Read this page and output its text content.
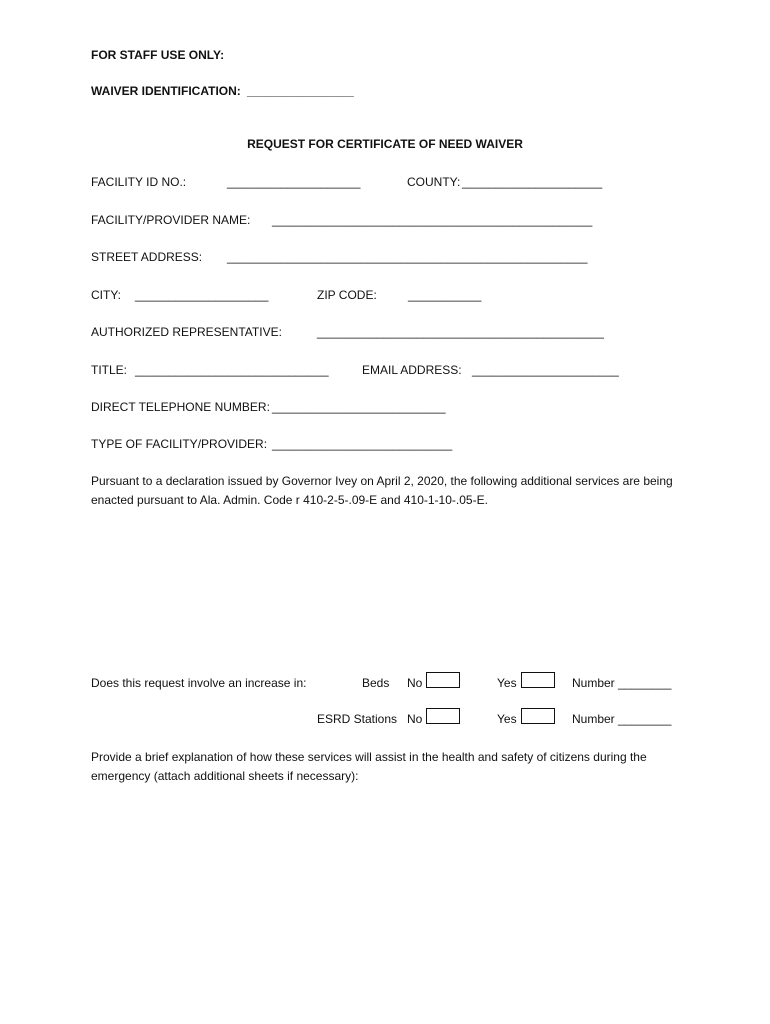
FOR STAFF USE ONLY:
WAIVER IDENTIFICATION: ________________
REQUEST FOR CERTIFICATE OF NEED WAIVER
FACILITY ID NO.:	____________________	COUNTY: _____________________
FACILITY/PROVIDER NAME: ________________________________________________
STREET ADDRESS: ______________________________________________________
CITY: ____________________	ZIP CODE:	___________
AUTHORIZED REPRESENTATIVE:	___________________________________________
TITLE: _____________________________	EMAIL ADDRESS: ______________________
DIRECT TELEPHONE NUMBER: __________________________
TYPE OF FACILITY/PROVIDER: ___________________________
Pursuant to a declaration issued by Governor Ivey on April 2, 2020, the following additional services are being enacted pursuant to Ala. Admin. Code r 410-2-5-.09-E and 410-1-10-.05-E.
Does this request involve an increase in:	Beds No	Yes	Number ________
ESRD Stations No	Yes	Number ________
Provide a brief explanation of how these services will assist in the health and safety of citizens during the emergency (attach additional sheets if necessary):
